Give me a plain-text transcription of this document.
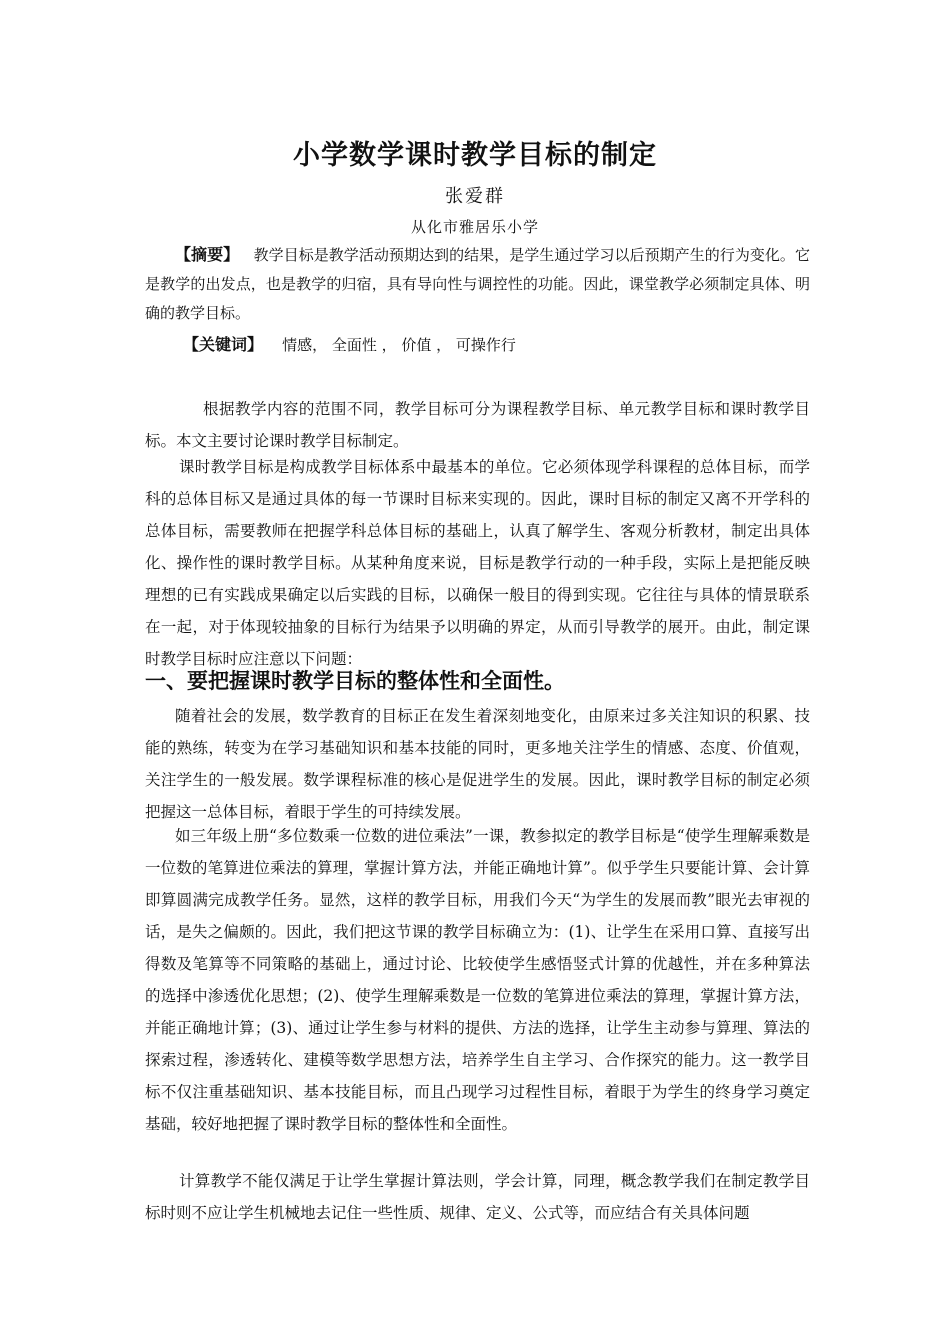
小学数学课时教学目标的制定

张爱群

从化市雅居乐小学

【摘要】 教学目标是教学活动预期达到的结果，是学生通过学习以后预期产生的行为变化。它是教学的出发点，也是教学的归宿，具有导向性与调控性的功能。因此，课堂教学必须制定具体、明确的教学目标。

【关键词】 情感， 全面性 ， 价值 ， 可操作行

根据教学内容的范围不同，教学目标可分为课程教学目标、单元教学目标和课时教学目标。本文主要讨论课时教学目标制定。

课时教学目标是构成教学目标体系中最基本的单位。它必须体现学科课程的总体目标，而学科的总体目标又是通过具体的每一节课时目标来实现的。因此，课时目标的制定又离不开学科的总体目标，需要教师在把握学科总体目标的基础上，认真了解学生、客观分析教材，制定出具体化、操作性的课时教学目标。从某种角度来说，目标是教学行动的一种手段，实际上是把能反映理想的已有实践成果确定以后实践的目标，以确保一般目的得到实现。它往往与具体的情景联系在一起，对于体现较抽象的目标行为结果予以明确的界定，从而引导教学的展开。由此，制定课时教学目标时应注意以下问题：

一、要把握课时教学目标的整体性和全面性。

随着社会的发展，数学教育的目标正在发生着深刻地变化，由原来过多关注知识的积累、技能的熟练，转变为在学习基础知识和基本技能的同时，更多地关注学生的情感、态度、价值观，关注学生的一般发展。数学课程标准的核心是促进学生的发展。因此，课时教学目标的制定必须把握这一总体目标，着眼于学生的可持续发展。

如三年级上册“多位数乘一位数的进位乘法”一课，教参拟定的教学目标是“使学生理解乘数是一位数的笔算进位乘法的算理，掌握计算方法，并能正确地计算”。似乎学生只要能计算、会计算即算圆满完成教学任务。显然，这样的教学目标，用我们今天“为学生的发展而教”眼光去审视的话，是失之偏颇的。因此，我们把这节课的教学目标确立为：(1)、让学生在采用口算、直接写出得数及笔算等不同策略的基础上，通过讨论、比较使学生感悟竖式计算的优越性，并在多种算法的选择中渗透优化思想；(2)、使学生理解乘数是一位数的笔算进位乘法的算理，掌握计算方法，并能正确地计算；(3)、通过让学生参与材料的提供、方法的选择，让学生主动参与算理、算法的探索过程，渗透转化、建模等数学思想方法，培养学生自主学习、合作探究的能力。这一教学目标不仅注重基础知识、基本技能目标，而且凸现学习过程性目标，着眼于为学生的终身学习奠定基础，较好地把握了课时教学目标的整体性和全面性。

计算教学不能仅满足于让学生掌握计算法则，学会计算，同理，概念教学我们在制定教学目标时则不应让学生机械地去记住一些性质、规律、定义、公式等，而应结合有关具体问题
